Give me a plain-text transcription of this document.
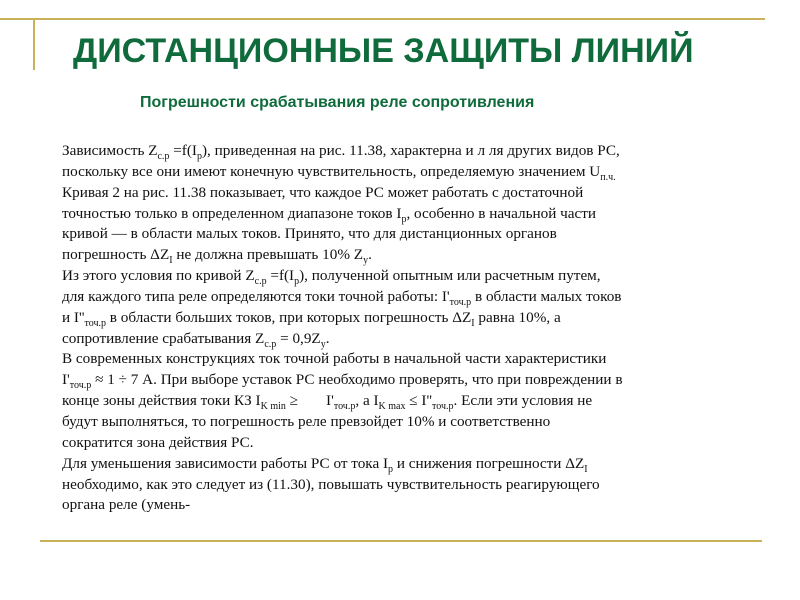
ДИСТАНЦИОННЫЕ ЗАЩИТЫ ЛИНИЙ
Погрешности срабатывания реле сопротивления
Зависимость $Z_{с.р} =f(I_р)$, приведенная на рис. 11.38, характерна и л ля других видов РС,
поскольку все они имеют конечную чувствительность, определяемую значением $U_{п.ч.}$
Кривая 2 на рис. 11.38 показывает, что каждое РС может работать с достаточной
точностью только в определенном диапазоне токов $I_р$, особенно в начальной части
кривой — в области малых токов. Принято, что для дистанционных органов
погрешность $\Delta Z_I$ не должна превышать 10% $Z_у$.
Из этого условия по кривой $Z_{с.р} =f(I_р)$, полученной опытным или расчетным путем,
для каждого типа реле определяются токи точной работы: $I'_{точ.р}$ в области малых токов
и $I''_{точ.р}$ в области больших токов, при которых погрешность $\Delta Z_I$ равна 10%, а
сопротивление срабатывания $Z_{с.р} = 0,9Z_у$.
В современных конструкциях ток точной работы в начальной части характеристики
$I'_{точ.р} \approx 1 \div 7$ А. При выборе уставок РС необходимо проверять, что при повреждении в
конце зоны действия токи КЗ $I_{K min} \ge I'_{точ.р}$, а $I_{K max} \le I''_{точ.р}$. Если эти условия не
будут выполняться, то погрешность реле превзойдет 10% и соответственно
сократится зона действия РС.
Для уменьшения зависимости работы РС от тока $I_р$ и снижения погрешности $\Delta Z_I$
необходимо, как это следует из (11.30), повышать чувствительность реагирующего
органа реле (умень-
